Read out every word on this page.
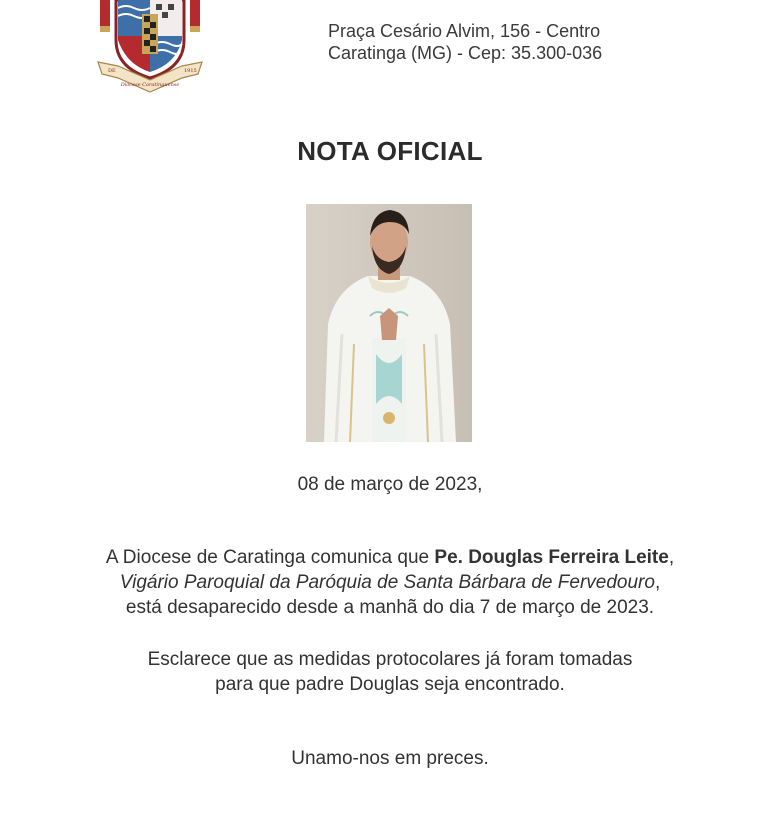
DE	1915
Diocese Caratinguense
Praça Cesário Alvim, 156 - Centro
Caratinga (MG) - Cep: 35.300-036
NOTA OFICIAL
08 de março de 2023,
A Diocese de Caratinga comunica que Pe. Douglas Ferreira Leite,
Vigário Paroquial da Paróquia de Santa Bárbara de Fervedouro,
está desaparecido desde a manhã do dia 7 de março de 2023.
Esclarece que as medidas protocolares já foram tomadas
para que padre Douglas seja encontrado.
Unamo-nos em preces.
